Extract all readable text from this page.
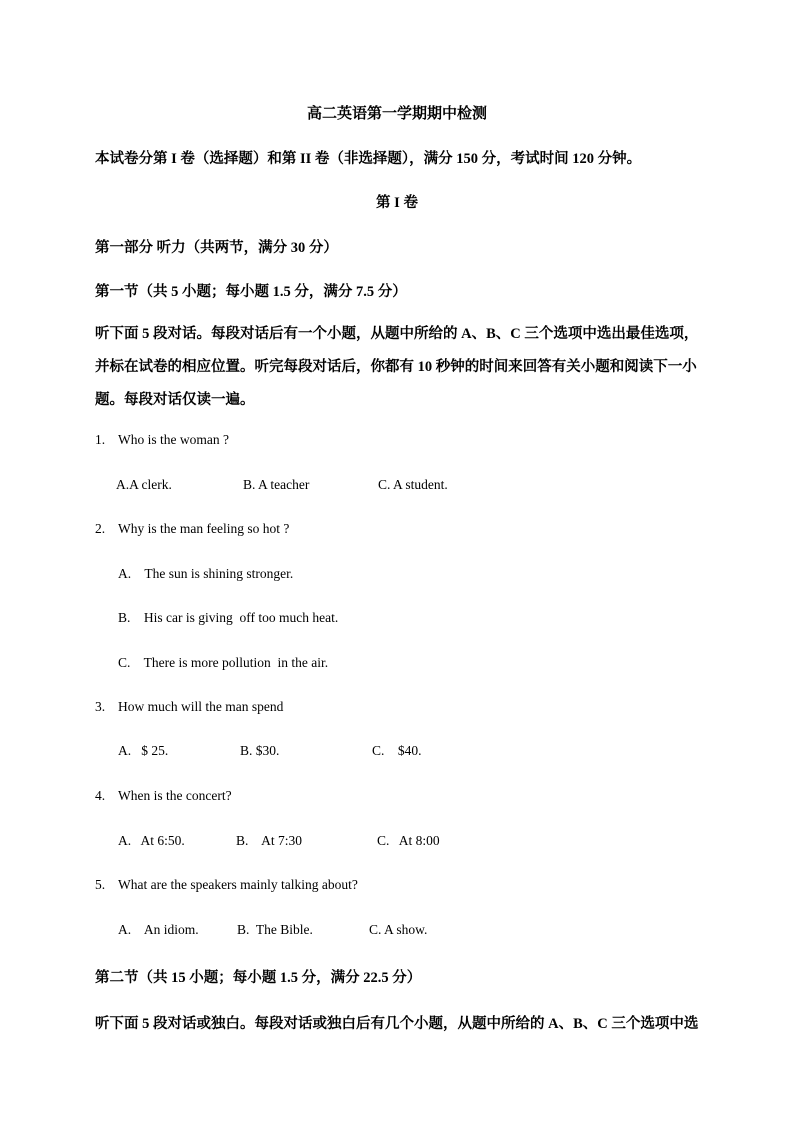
高二英语第一学期期中检测
本试卷分第 I 卷（选择题）和第 II 卷（非选择题），满分 150 分，考试时间 120 分钟。
第 I 卷
第一部分 听力（共两节，满分 30 分）
第一节（共 5 小题；每小题 1.5 分，满分 7.5 分）
听下面 5 段对话。每段对话后有一个小题，从题中所给的 A、B、C 三个选项中选出最佳选项，并标在试卷的相应位置。听完每段对话后，你都有 10 秒钟的时间来回答有关小题和阅读下一小题。每段对话仅读一遍。
1. Who is the woman ?
A.A clerk.	B. A teacher	C. A student.
2. Why is the man feeling so hot ?
A.    The sun is shining stronger.
B.    His car is giving  off too much heat.
C.    There is more pollution  in the air.
3. How much will the man spend
A.   $ 25.	B. $30.	C.    $40.
4. When is the concert?
A.   At 6:50.	B.    At 7:30	C.   At 8:00
5. What are the speakers mainly talking about?
A.    An idiom.	B.  The Bible.	C. A show.
第二节（共 15 小题；每小题 1.5 分，满分 22.5 分）
听下面 5 段对话或独白。每段对话或独白后有几个小题，从题中所给的 A、B、C 三个选项中选
